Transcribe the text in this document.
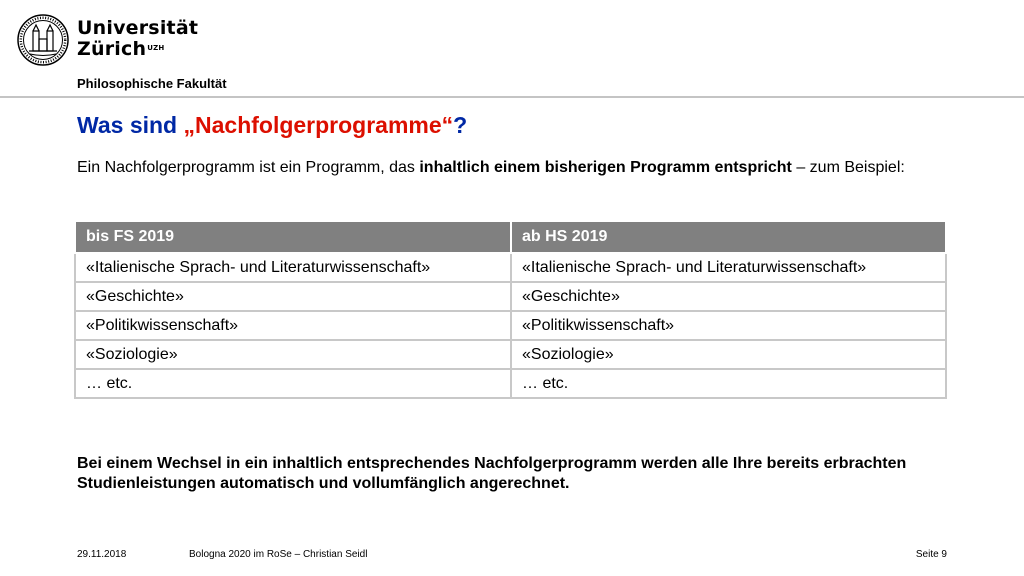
Universität
Zürich$^{UZH}$
Philosophische Fakultät
Was sind „Nachfolgerprogramme“?
Ein Nachfolgerprogramm ist ein Programm, das inhaltlich einem bisherigen Programm entspricht – zum Beispiel:
bis FS 2019	ab HS 2019
«Italienische Sprach- und Literaturwissenschaft»	«Italienische Sprach- und Literaturwissenschaft»
«Geschichte»	«Geschichte»
«Politikwissenschaft»	«Politikwissenschaft»
«Soziologie»	«Soziologie»
… etc.	… etc.
Bei einem Wechsel in ein inhaltlich entsprechendes Nachfolgerprogramm werden alle Ihre bereits erbrachten Studienleistungen automatisch und vollumfänglich angerechnet.
29.11.2018	Bologna 2020 im RoSe – Christian Seidl	Seite 9
